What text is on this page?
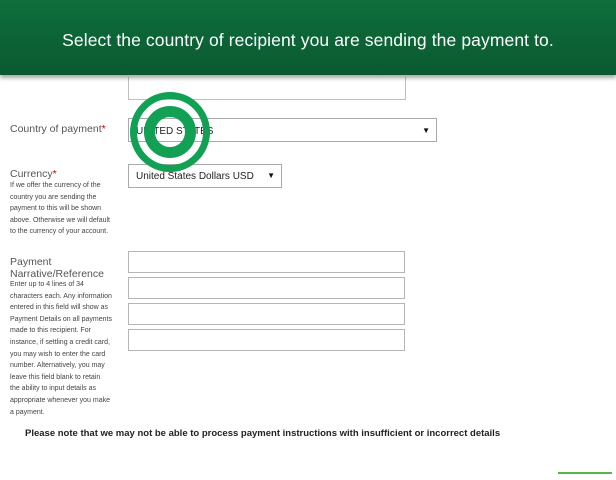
Select the country of recipient you are sending the payment to.
Country of payment*	UNITED STATES	▼
Currency*	United States Dollars USD ▼
If we offer the currency of the
country you are sending the
payment to this will be shown
above. Otherwise we will default
to the currency of your account.
Payment
Narrative/Reference
Enter up to 4 lines of 34
characters each. Any information
entered in this field will show as
Payment Details on all payments
made to this recipient. For
instance, if settling a credit card,
you may wish to enter the card
number. Alternatively, you may
leave this field blank to retain
the ability to input details as
appropriate whenever you make
a payment.
Please note that we may not be able to process payment instructions with insufficient or incorrect details
